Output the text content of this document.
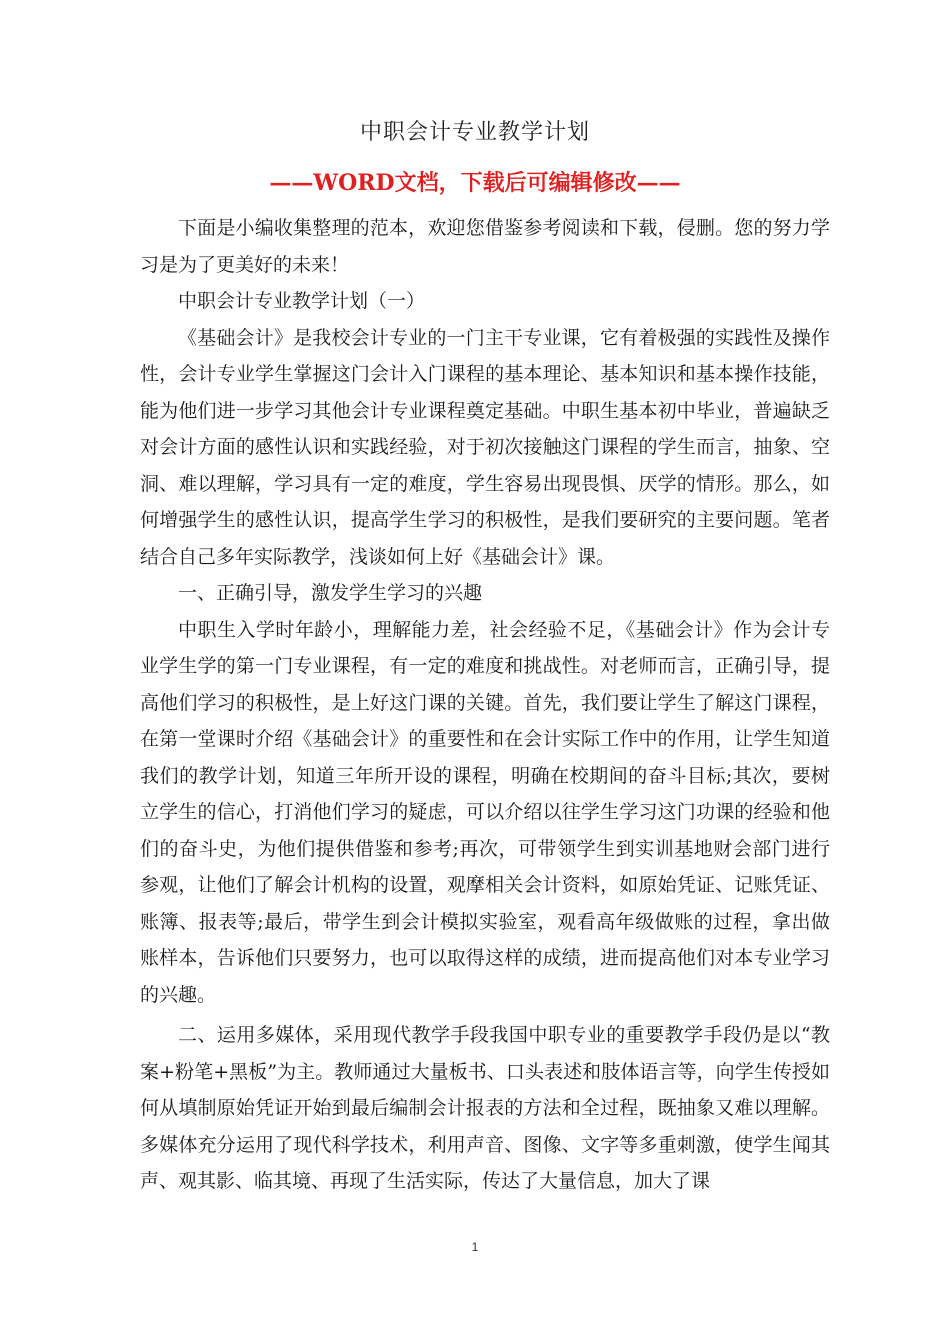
中职会计专业教学计划
——WORD文档，下载后可编辑修改——

下面是小编收集整理的范本，欢迎您借鉴参考阅读和下载，侵删。您的努力学习是为了更美好的未来！

中职会计专业教学计划（一）

《基础会计》是我校会计专业的一门主干专业课，它有着极强的实践性及操作性，会计专业学生掌握这门会计入门课程的基本理论、基本知识和基本操作技能，能为他们进一步学习其他会计专业课程奠定基础。中职生基本初中毕业，普遍缺乏对会计方面的感性认识和实践经验，对于初次接触这门课程的学生而言，抽象、空洞、难以理解，学习具有一定的难度，学生容易出现畏惧、厌学的情形。那么，如何增强学生的感性认识，提高学生学习的积极性，是我们要研究的主要问题。笔者结合自己多年实际教学，浅谈如何上好《基础会计》课。

一、正确引导，激发学生学习的兴趣

中职生入学时年龄小，理解能力差，社会经验不足，《基础会计》作为会计专业学生学的第一门专业课程，有一定的难度和挑战性。对老师而言，正确引导，提高他们学习的积极性，是上好这门课的关键。首先，我们要让学生了解这门课程，在第一堂课时介绍《基础会计》的重要性和在会计实际工作中的作用，让学生知道我们的教学计划，知道三年所开设的课程，明确在校期间的奋斗目标;其次，要树立学生的信心，打消他们学习的疑虑，可以介绍以往学生学习这门功课的经验和他们的奋斗史，为他们提供借鉴和参考;再次，可带领学生到实训基地财会部门进行参观，让他们了解会计机构的设置，观摩相关会计资料，如原始凭证、记账凭证、账簿、报表等;最后，带学生到会计模拟实验室，观看高年级做账的过程，拿出做账样本，告诉他们只要努力，也可以取得这样的成绩，进而提高他们对本专业学习的兴趣。

二、运用多媒体，采用现代教学手段我国中职专业的重要教学手段仍是以“教案+粉笔+黑板”为主。教师通过大量板书、口头表述和肢体语言等，向学生传授如何从填制原始凭证开始到最后编制会计报表的方法和全过程，既抽象又难以理解。多媒体充分运用了现代科学技术，利用声音、图像、文字等多重刺激，使学生闻其声、观其影、临其境、再现了生活实际，传达了大量信息，加大了课

1
